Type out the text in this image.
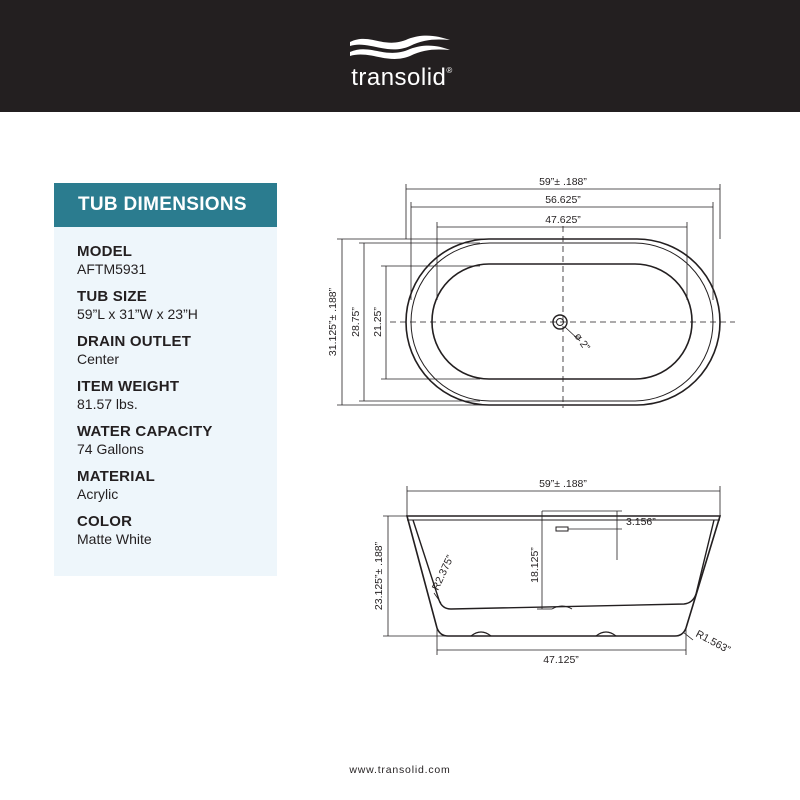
transolid®
TUB DIMENSIONS
MODEL
AFTM5931
TUB SIZE
59”L x 31”W x 23”H
DRAIN OUTLET
Center
ITEM WEIGHT
81.57 lbs.
WATER CAPACITY
74 Gallons
MATERIAL
Acrylic
COLOR
Matte White
59”± .188”
56.625”
47.625”
31.125”± .188” 28.75” 21.25”
ø 2”
59”± .188”
3.156”
18.125”
23.125”± .188”	R2.375”
R1.563”
47.125”
www.transolid.com
